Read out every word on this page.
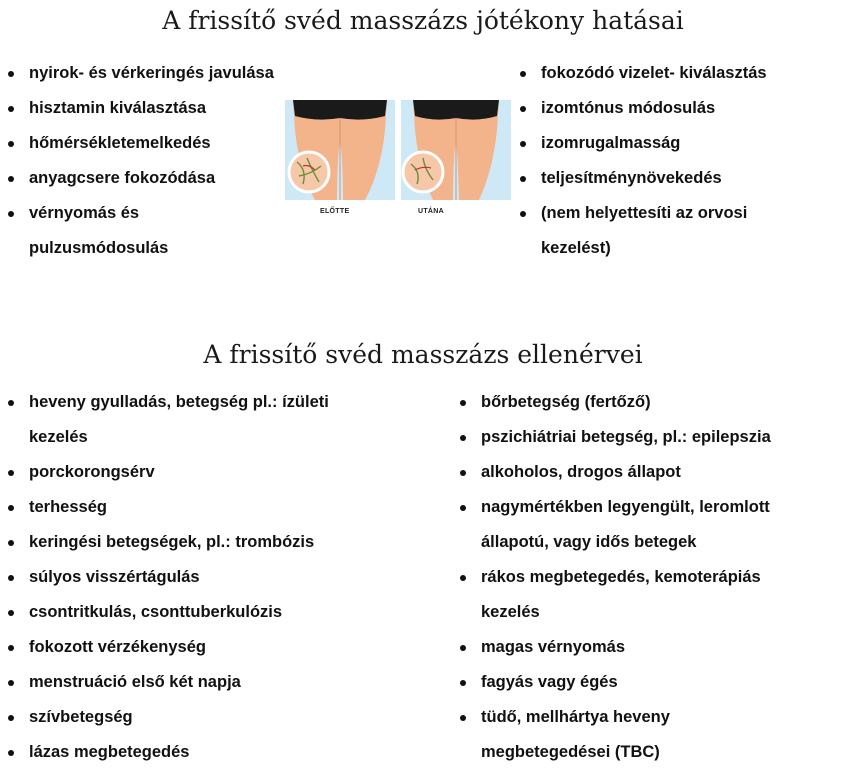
A frissítő svéd masszázs jótékony hatásai
nyirok- és vérkeringés javulása
hisztamin kiválasztása
hőmérsékletemelkedés
anyagcsere fokozódása
vérnyomás és
pulzusmódosulás
ELŐTTE	UTÁNA
fokozódó vizelet- kiválasztás
izomtónus módosulás
izomrugalmasság
teljesítménynövekedés
(nem helyettesíti az orvosi
kezelést)
A frissítő svéd masszázs ellenérvei
heveny gyulladás, betegség pl.: ízületi
kezelés
porckorongsérv
terhesség
keringési betegségek, pl.: trombózis
súlyos visszértágulás
csontritkulás, csonttuberkulózis
fokozott vérzékenység
menstruáció első két napja
szívbetegség
lázas megbetegedés
bőrbetegség (fertőző)
pszichiátriai betegség, pl.: epilepszia
alkoholos, drogos állapot
nagymértékben legyengült, leromlott
állapotú, vagy idős betegek
rákos megbetegedés, kemoterápiás
kezelés
magas vérnyomás
fagyás vagy égés
tüdő, mellhártya heveny
megbetegedései (TBC)
